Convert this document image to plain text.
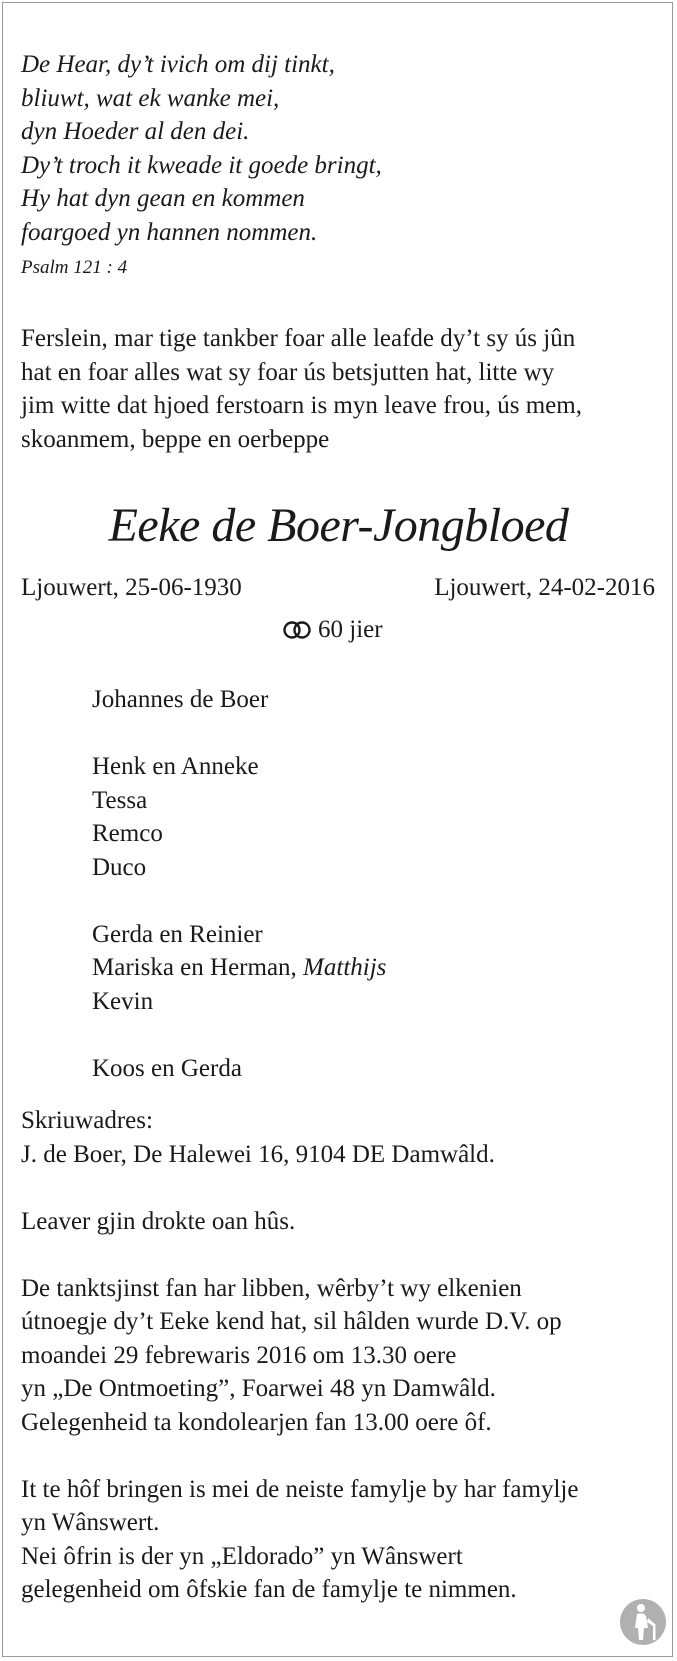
De Hear, dy’t ivich om dij tinkt,
bliuwt, wat ek wanke mei,
dyn Hoeder al den dei.
Dy’t troch it kweade it goede bringt,
Hy hat dyn gean en kommen
foargoed yn hannen nommen.
Psalm 121 : 4
Ferslein, mar tige tankber foar alle leafde dy’t sy ús jûn
hat en foar alles wat sy foar ús betsjutten hat, litte wy
jim witte dat hjoed ferstoarn is myn leave frou, ús mem,
skoanmem, beppe en oerbeppe
Eeke de Boer-Jongbloed
Ljouwert, 25-06-1930	Ljouwert, 24-02-2016
60 jier
Johannes de Boer
Henk en Anneke
Tessa
Remco
Duco
Gerda en Reinier
Mariska en Herman, Matthijs
Kevin
Koos en Gerda
Skriuwadres:
J. de Boer, De Halewei 16, 9104 DE Damwâld.
Leaver gjin drokte oan hûs.
De tanktsjinst fan har libben, wêrby’t wy elkenien
útnoegje dy’t Eeke kend hat, sil hâlden wurde D.V. op
moandei 29 febrewaris 2016 om 13.30 oere
yn „De Ontmoeting”, Foarwei 48 yn Damwâld.
Gelegenheid ta kondolearjen fan 13.00 oere ôf.
It te hôf bringen is mei de neiste famylje by har famylje
yn Wânswert.
Nei ôfrin is der yn „Eldorado” yn Wânswert
gelegenheid om ôfskie fan de famylje te nimmen.
